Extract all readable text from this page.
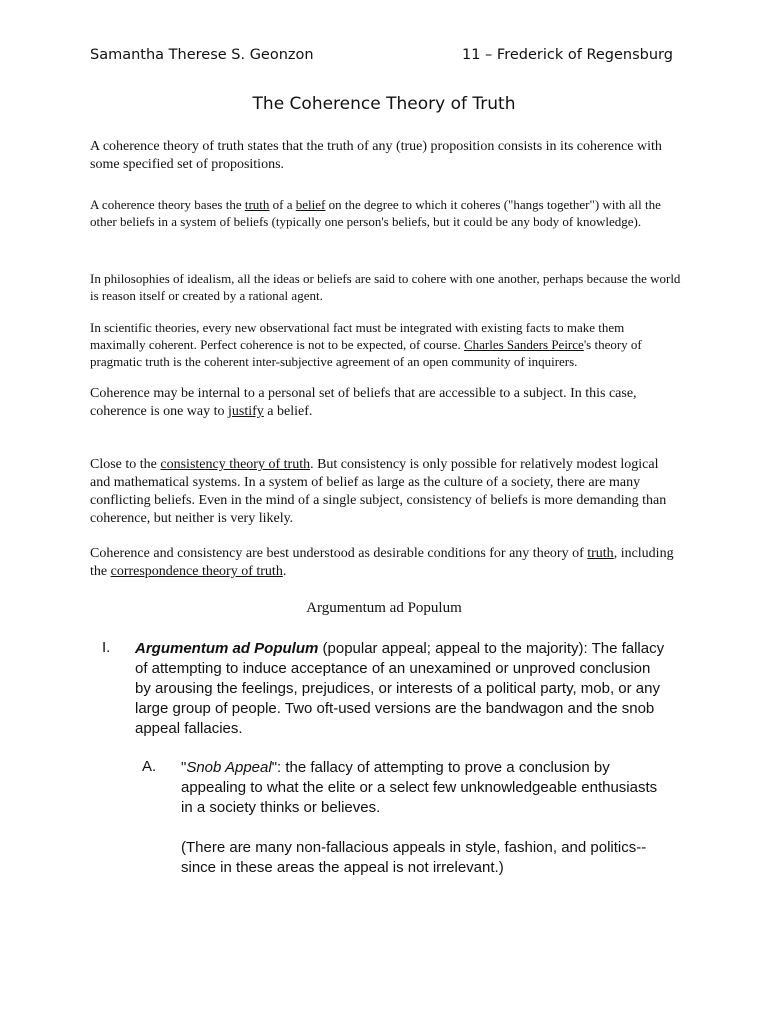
Samantha Therese S. Geonzon	11 – Frederick of Regensburg
The Coherence Theory of Truth

A coherence theory of truth states that the truth of any (true) proposition consists in its coherence with some specified set of propositions.

A coherence theory bases the truth of a belief on the degree to which it coheres ("hangs together") with all the other beliefs in a system of beliefs (typically one person's beliefs, but it could be any body of knowledge).

In philosophies of idealism, all the ideas or beliefs are said to cohere with one another, perhaps because the world is reason itself or created by a rational agent.

In scientific theories, every new observational fact must be integrated with existing facts to make them maximally coherent. Perfect coherence is not to be expected, of course. Charles Sanders Peirce's theory of pragmatic truth is the coherent inter-subjective agreement of an open community of inquirers.

Coherence may be internal to a personal set of beliefs that are accessible to a subject. In this case, coherence is one way to justify a belief.

Close to the consistency theory of truth. But consistency is only possible for relatively modest logical and mathematical systems. In a system of belief as large as the culture of a society, there are many conflicting beliefs. Even in the mind of a single subject, consistency of beliefs is more demanding than coherence, but neither is very likely.

Coherence and consistency are best understood as desirable conditions for any theory of truth, including the correspondence theory of truth.

Argumentum ad Populum
I. Argumentum ad Populum (popular appeal; appeal to the majority): The fallacy of attempting to induce acceptance of an unexamined or unproved conclusion by arousing the feelings, prejudices, or interests of a political party, mob, or any large group of people. Two oft-used versions are the bandwagon and the snob appeal fallacies.

A. "Snob Appeal": the fallacy of attempting to prove a conclusion by appealing to what the elite or a select few unknowledgeable enthusiasts in a society thinks or believes.

(There are many non-fallacious appeals in style, fashion, and politics--since in these areas the appeal is not irrelevant.)
